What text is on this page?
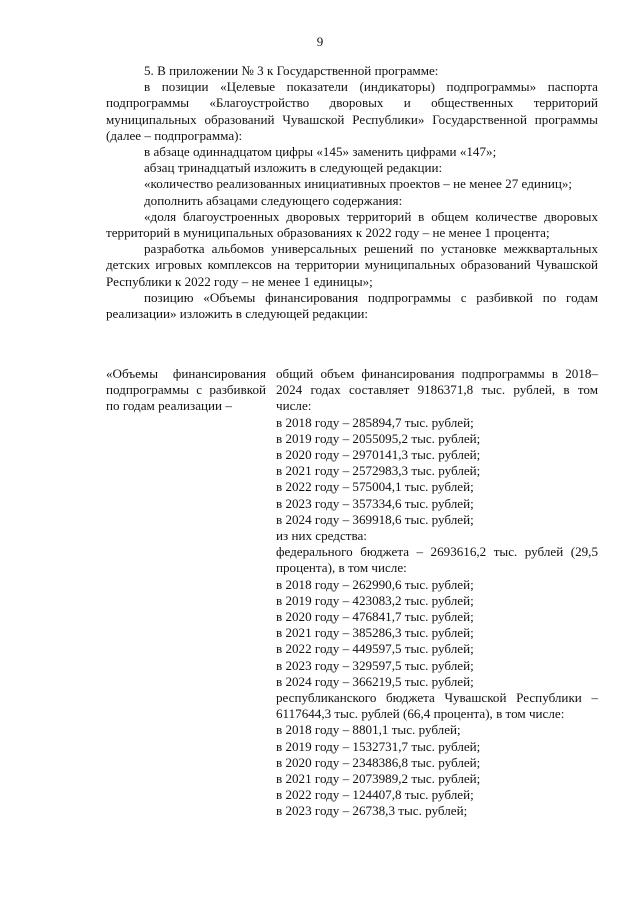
9

5. В приложении № 3 к Государственной программе:

в позиции «Целевые показатели (индикаторы) подпрограммы» паспорта подпрограммы «Благоустройство дворовых и общественных территорий муниципальных образований Чувашской Республики» Государственной программы (далее – подпрограмма):

в абзаце одиннадцатом цифры «145» заменить цифрами «147»;

абзац тринадцатый изложить в следующей редакции:

«количество реализованных инициативных проектов – не менее 27 единиц»;

дополнить абзацами следующего содержания:

«доля благоустроенных дворовых территорий в общем количестве дворовых территорий в муниципальных образованиях к 2022 году – не менее 1 процента;

разработка альбомов универсальных решений по установке межквартальных детских игровых комплексов на территории муниципальных образований Чувашской Республики к 2022 году – не менее 1 единицы»;

позицию «Объемы финансирования подпрограммы с разбивкой по годам реализации» изложить в следующей редакции:

«Объемы финансирования подпрограммы с разбивкой по годам реализации –

общий объем финансирования подпрограммы в 2018–2024 годах составляет 9186371,8 тыс. рублей, в том числе:

в 2018 году – 285894,7 тыс. рублей;

в 2019 году – 2055095,2 тыс. рублей;

в 2020 году – 2970141,3 тыс. рублей;

в 2021 году – 2572983,3 тыс. рублей;

в 2022 году – 575004,1 тыс. рублей;

в 2023 году – 357334,6 тыс. рублей;

в 2024 году – 369918,6 тыс. рублей;

из них средства:

федерального бюджета – 2693616,2 тыс. рублей (29,5 процента), в том числе:

в 2018 году – 262990,6 тыс. рублей;

в 2019 году – 423083,2 тыс. рублей;

в 2020 году – 476841,7 тыс. рублей;

в 2021 году – 385286,3 тыс. рублей;

в 2022 году – 449597,5 тыс. рублей;

в 2023 году – 329597,5 тыс. рублей;

в 2024 году – 366219,5 тыс. рублей;

республиканского бюджета Чувашской Республики – 6117644,3 тыс. рублей (66,4 процента), в том числе:

в 2018 году – 8801,1 тыс. рублей;

в 2019 году – 1532731,7 тыс. рублей;

в 2020 году – 2348386,8 тыс. рублей;

в 2021 году – 2073989,2 тыс. рублей;

в 2022 году – 124407,8 тыс. рублей;

в 2023 году – 26738,3 тыс. рублей;
